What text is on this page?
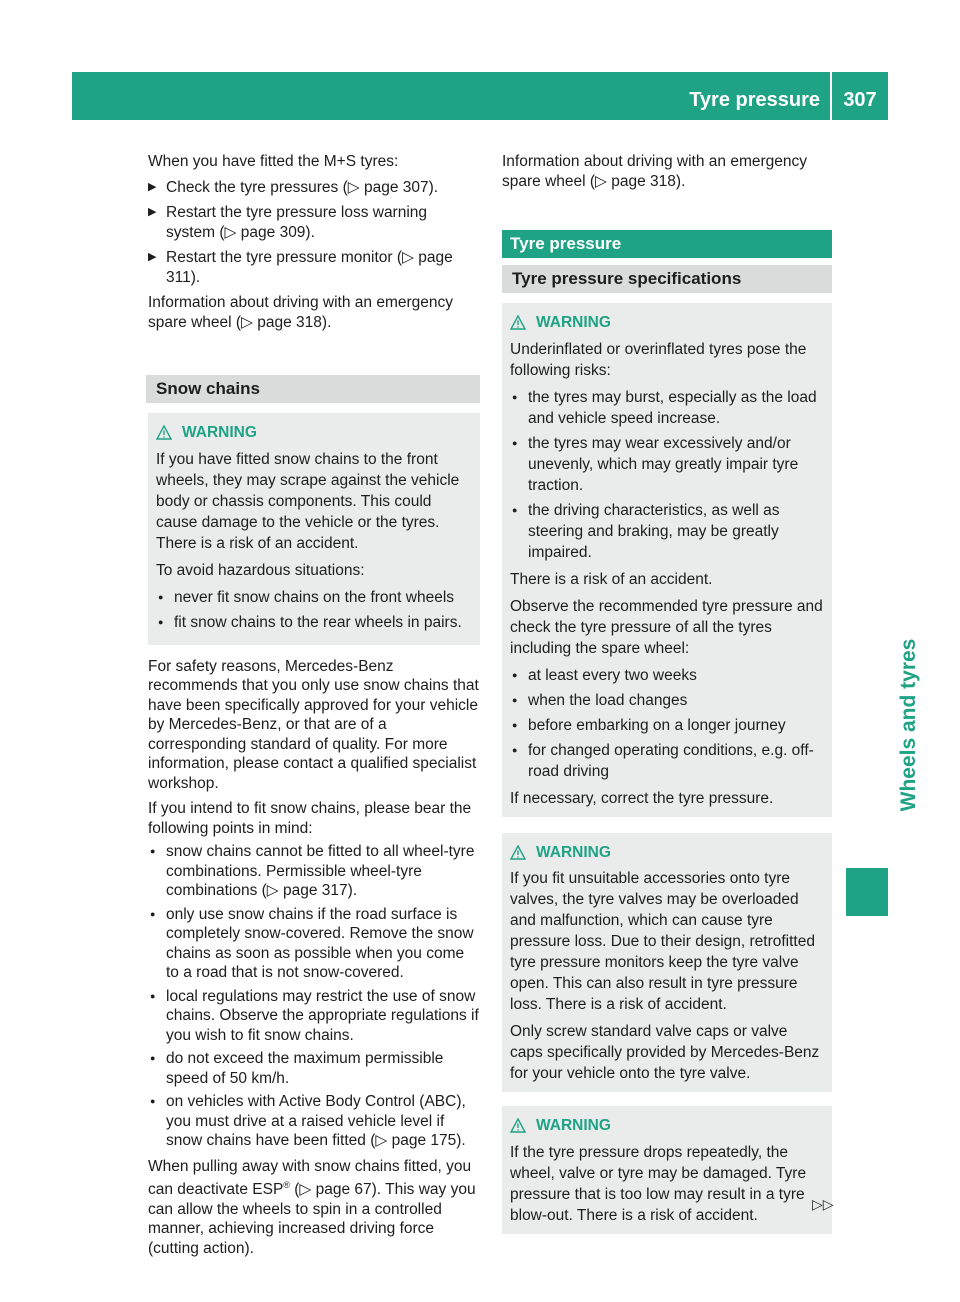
Tyre pressure	307
Wheels and tyres

When you have fitted the M+S tyres:

▶ Check the tyre pressures (▷ page 307).
▶ Restart the tyre pressure loss warning system (▷ page 309).
▶ Restart the tyre pressure monitor (▷ page 311).

Information about driving with an emergency spare wheel (▷ page 318).

Snow chains
WARNING

If you have fitted snow chains to the front wheels, they may scrape against the vehicle body or chassis components. This could cause damage to the vehicle or the tyres. There is a risk of an accident.

To avoid hazardous situations:

● never fit snow chains on the front wheels
● fit snow chains to the rear wheels in pairs.

For safety reasons, Mercedes-Benz recommends that you only use snow chains that have been specifically approved for your vehicle by Mercedes-Benz, or that are of a corresponding standard of quality. For more information, please contact a qualified specialist workshop.

If you intend to fit snow chains, please bear the following points in mind:

● snow chains cannot be fitted to all wheel-tyre combinations. Permissible wheel-tyre combinations (▷ page 317).
● only use snow chains if the road surface is completely snow-covered. Remove the snow chains as soon as possible when you come to a road that is not snow-covered.
● local regulations may restrict the use of snow chains. Observe the appropriate regulations if you wish to fit snow chains.
● do not exceed the maximum permissible speed of 50 km/h.
● on vehicles with Active Body Control (ABC), you must drive at a raised vehicle level if snow chains have been fitted (▷ page 175).

When pulling away with snow chains fitted, you can deactivate ESP® (▷ page 67). This way you can allow the wheels to spin in a controlled manner, achieving increased driving force (cutting action).

Information about driving with an emergency spare wheel (▷ page 318).

Tyre pressure
Tyre pressure specifications
WARNING

Underinflated or overinflated tyres pose the following risks:

● the tyres may burst, especially as the load and vehicle speed increase.
● the tyres may wear excessively and/or unevenly, which may greatly impair tyre traction.
● the driving characteristics, as well as steering and braking, may be greatly impaired.

There is a risk of an accident.

Observe the recommended tyre pressure and check the tyre pressure of all the tyres including the spare wheel:

● at least every two weeks
● when the load changes
● before embarking on a longer journey
● for changed operating conditions, e.g. off-road driving

If necessary, correct the tyre pressure.

WARNING

If you fit unsuitable accessories onto tyre valves, the tyre valves may be overloaded and malfunction, which can cause tyre pressure loss. Due to their design, retrofitted tyre pressure monitors keep the tyre valve open. This can also result in tyre pressure loss. There is a risk of accident.

Only screw standard valve caps or valve caps specifically provided by Mercedes-Benz for your vehicle onto the tyre valve.

WARNING

If the tyre pressure drops repeatedly, the wheel, valve or tyre may be damaged. Tyre pressure that is too low may result in a tyre blow-out. There is a risk of accident.

▷▷
